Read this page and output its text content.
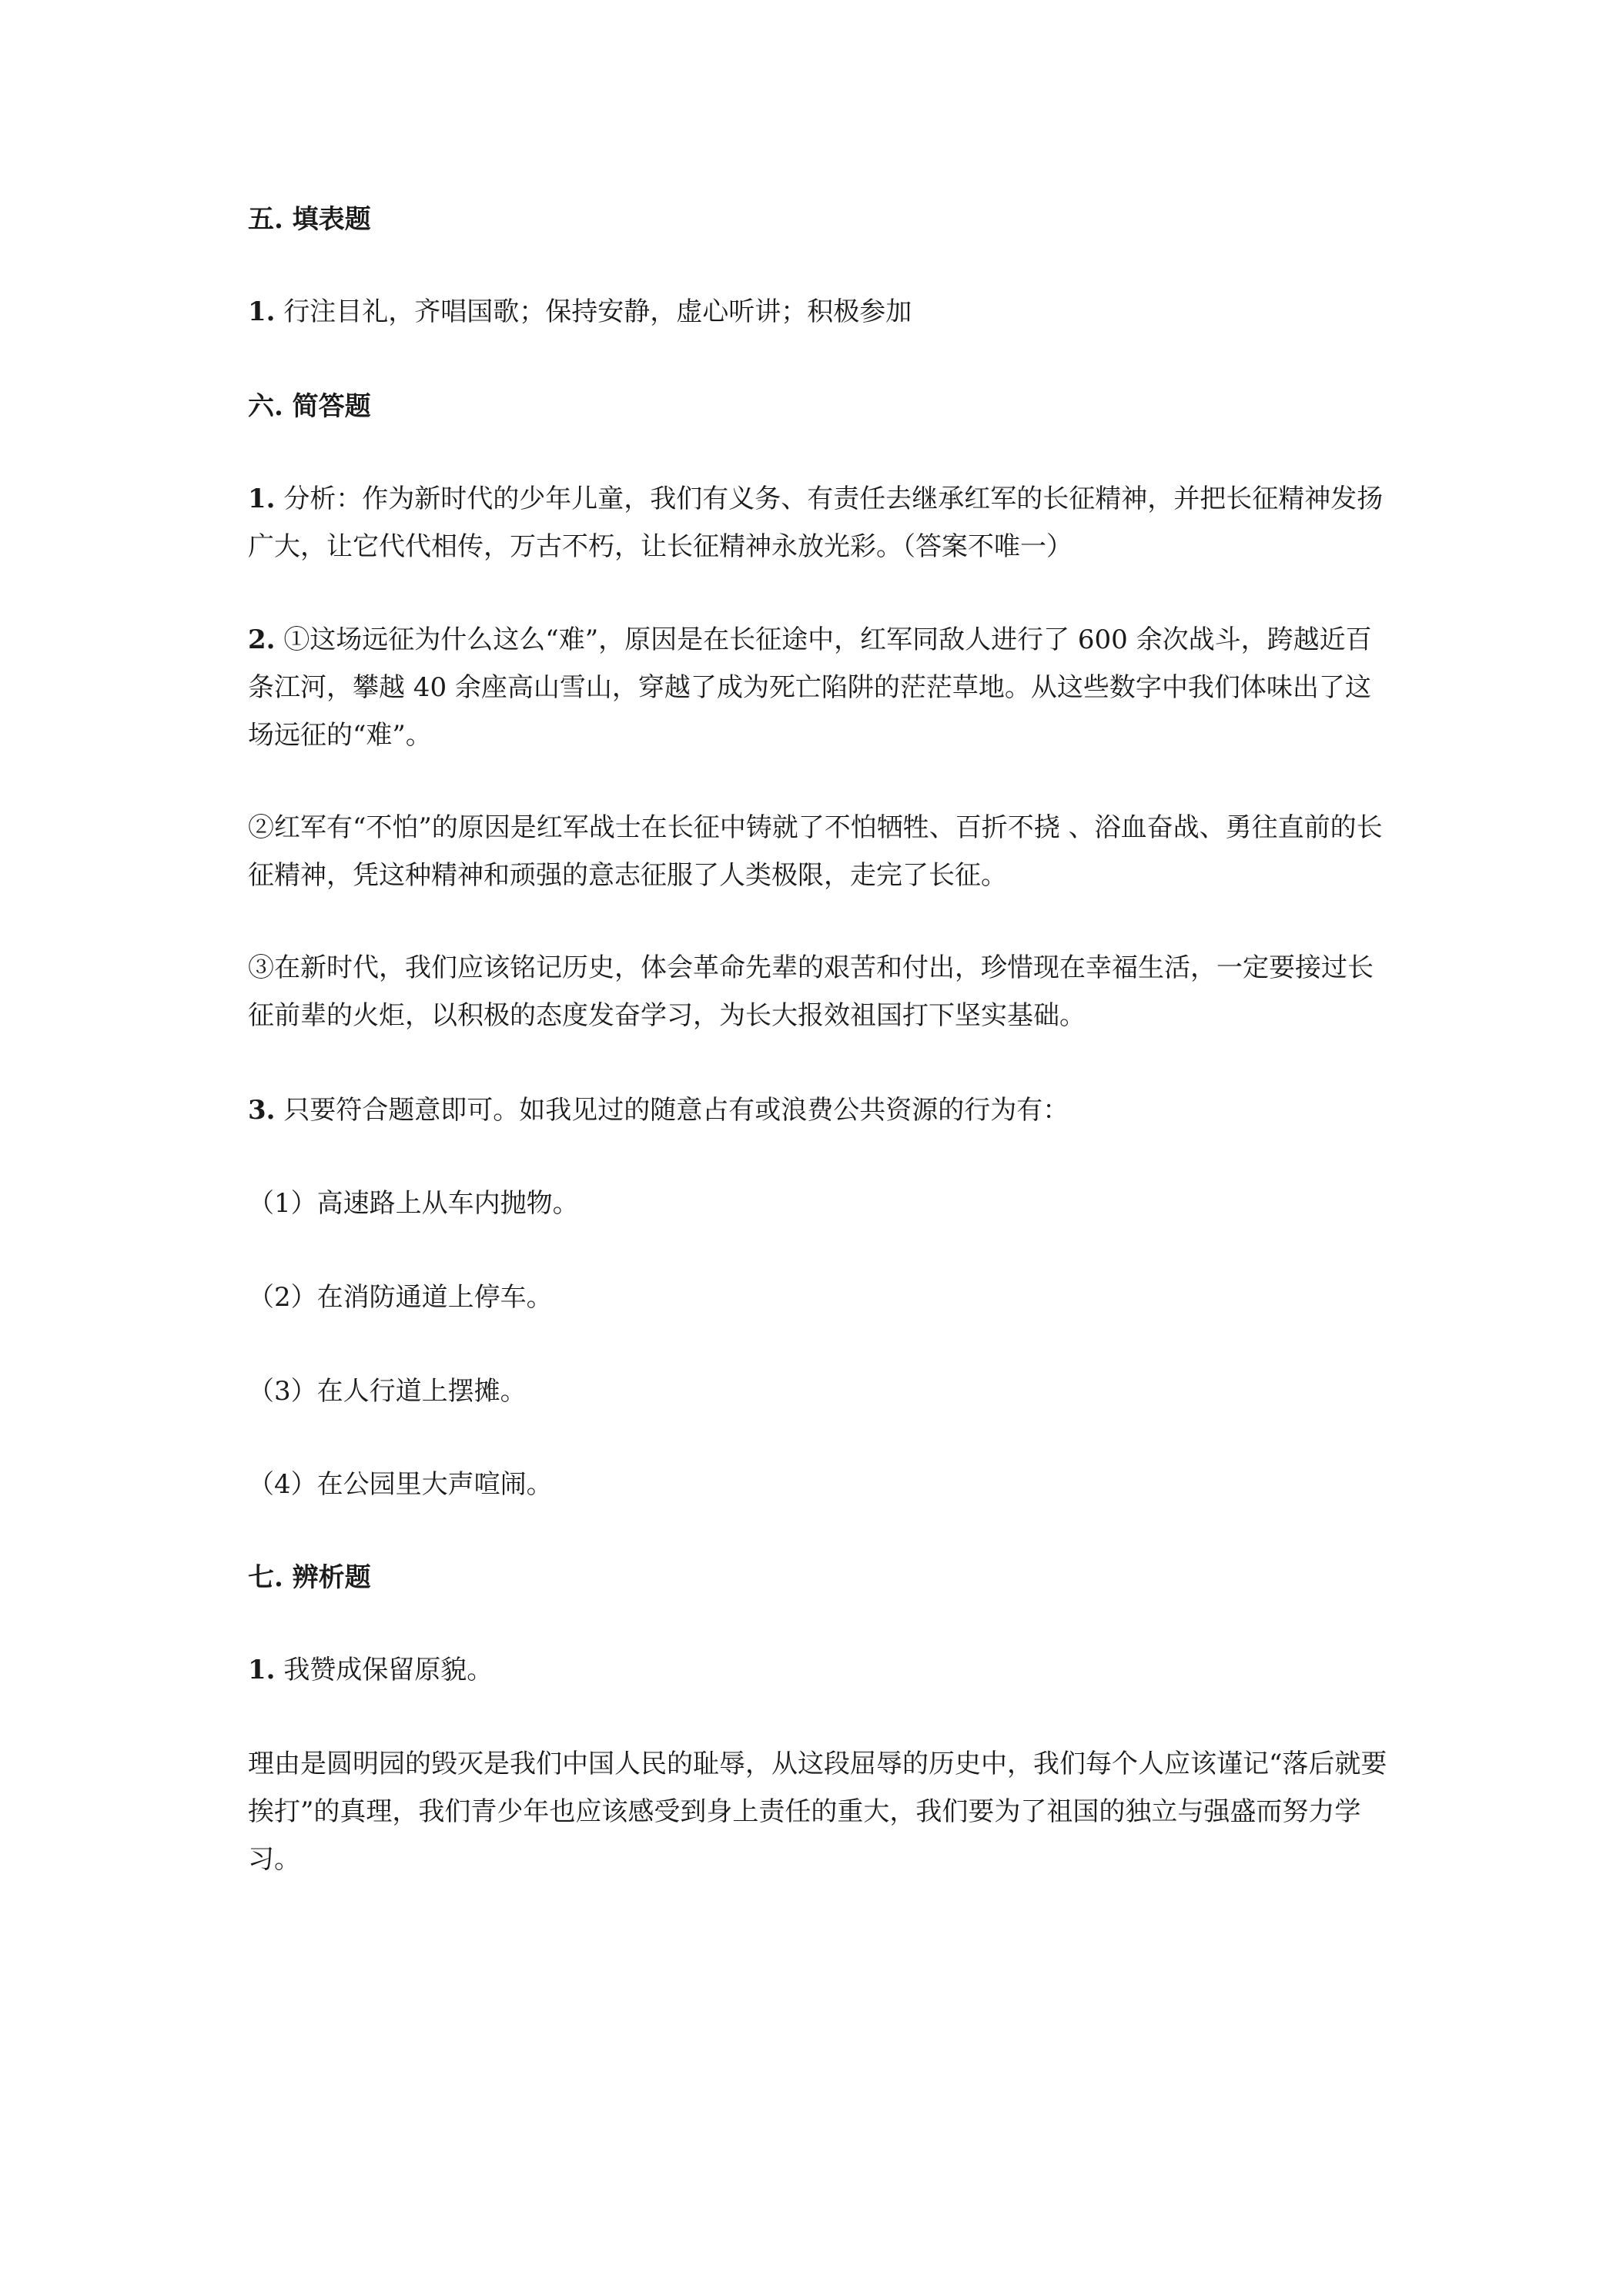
五. 填表题

1. 行注目礼，齐唱国歌；保持安静，虚心听讲；积极参加

六. 简答题

1. 分析：作为新时代的少年儿童，我们有义务、有责任去继承红军的长征精神，并把长征精神发扬广大，让它代代相传，万古不朽，让长征精神永放光彩。（答案不唯一）

2. ①这场远征为什么这么“难”，原因是在长征途中，红军同敌人进行了 600 余次战斗，跨越近百条江河，攀越 40 余座高山雪山，穿越了成为死亡陷阱的茫茫草地。从这些数字中我们体味出了这场远征的“难”。

②红军有“不怕”的原因是红军战士在长征中铸就了不怕牺牲、百折不挠 、浴血奋战、勇往直前的长征精神，凭这种精神和顽强的意志征服了人类极限，走完了长征。

③在新时代，我们应该铭记历史，体会革命先辈的艰苦和付出，珍惜现在幸福生活，一定要接过长征前辈的火炬，以积极的态度发奋学习，为长大报效祖国打下坚实基础。

3. 只要符合题意即可。如我见过的随意占有或浪费公共资源的行为有：

（1）高速路上从车内抛物。

（2）在消防通道上停车。

（3）在人行道上摆摊。

（4）在公园里大声喧闹。

七. 辨析题

1. 我赞成保留原貌。

理由是圆明园的毁灭是我们中国人民的耻辱，从这段屈辱的历史中，我们每个人应该谨记“落后就要挨打”的真理，我们青少年也应该感受到身上责任的重大，我们要为了祖国的独立与强盛而努力学习。
